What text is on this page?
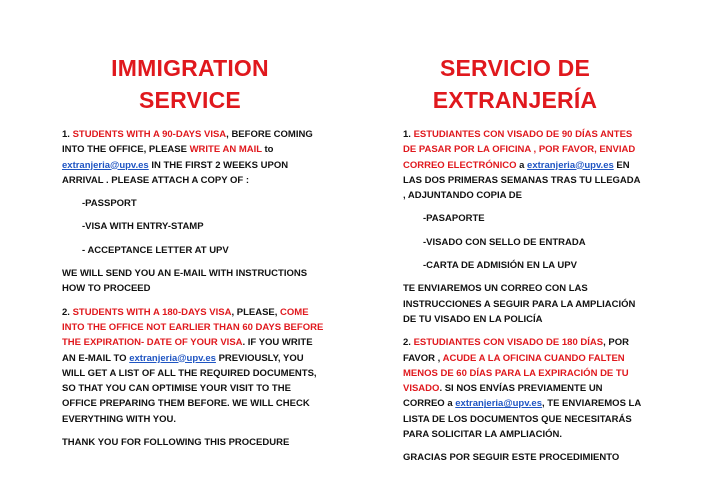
IMMIGRATION
SERVICE

1. STUDENTS WITH A 90-DAYS VISA, BEFORE COMING INTO THE OFFICE, PLEASE WRITE AN MAIL to extranjeria@upv.es IN THE FIRST 2 WEEKS UPON ARRIVAL . PLEASE ATTACH A COPY OF :

-PASSPORT

-VISA WITH ENTRY-STAMP

- ACCEPTANCE LETTER AT UPV

WE WILL SEND YOU AN E-MAIL WITH INSTRUCTIONS HOW TO PROCEED

2. STUDENTS WITH A 180-DAYS VISA, PLEASE, COME INTO THE OFFICE NOT EARLIER THAN 60 DAYS BEFORE THE EXPIRATION- DATE OF YOUR VISA. IF YOU WRITE AN E-MAIL TO extranjeria@upv.es PREVIOUSLY, YOU WILL GET A LIST OF ALL THE REQUIRED DOCUMENTS, SO THAT YOU CAN OPTIMISE YOUR VISIT TO THE OFFICE PREPARING THEM BEFORE. WE WILL CHECK EVERYTHING WITH YOU.

THANK YOU FOR FOLLOWING THIS PROCEDURE

SERVICIO DE
EXTRANJERÍA

1. ESTUDIANTES CON VISADO DE 90 DÍAS ANTES DE PASAR POR LA OFICINA , POR FAVOR, ENVIAD CORREO ELECTRÓNICO a extranjeria@upv.es EN LAS DOS PRIMERAS SEMANAS TRAS TU LLEGADA , ADJUNTANDO COPIA DE

-PASAPORTE

-VISADO CON SELLO DE ENTRADA

-CARTA DE ADMISIÓN EN LA UPV

TE ENVIAREMOS UN CORREO CON LAS INSTRUCCIONES A SEGUIR PARA LA AMPLIACIÓN DE TU VISADO EN LA POLICÍA

2. ESTUDIANTES CON VISADO DE 180 DÍAS, POR FAVOR , ACUDE A LA OFICINA CUANDO FALTEN MENOS DE 60 DÍAS PARA LA EXPIRACIÓN DE TU VISADO. SI NOS ENVÍAS PREVIAMENTE UN CORREO a extranjeria@upv.es, TE ENVIAREMOS LA LISTA DE LOS DOCUMENTOS QUE NECESITARÁS PARA SOLICITAR LA AMPLIACIÓN.

GRACIAS POR SEGUIR ESTE PROCEDIMIENTO
